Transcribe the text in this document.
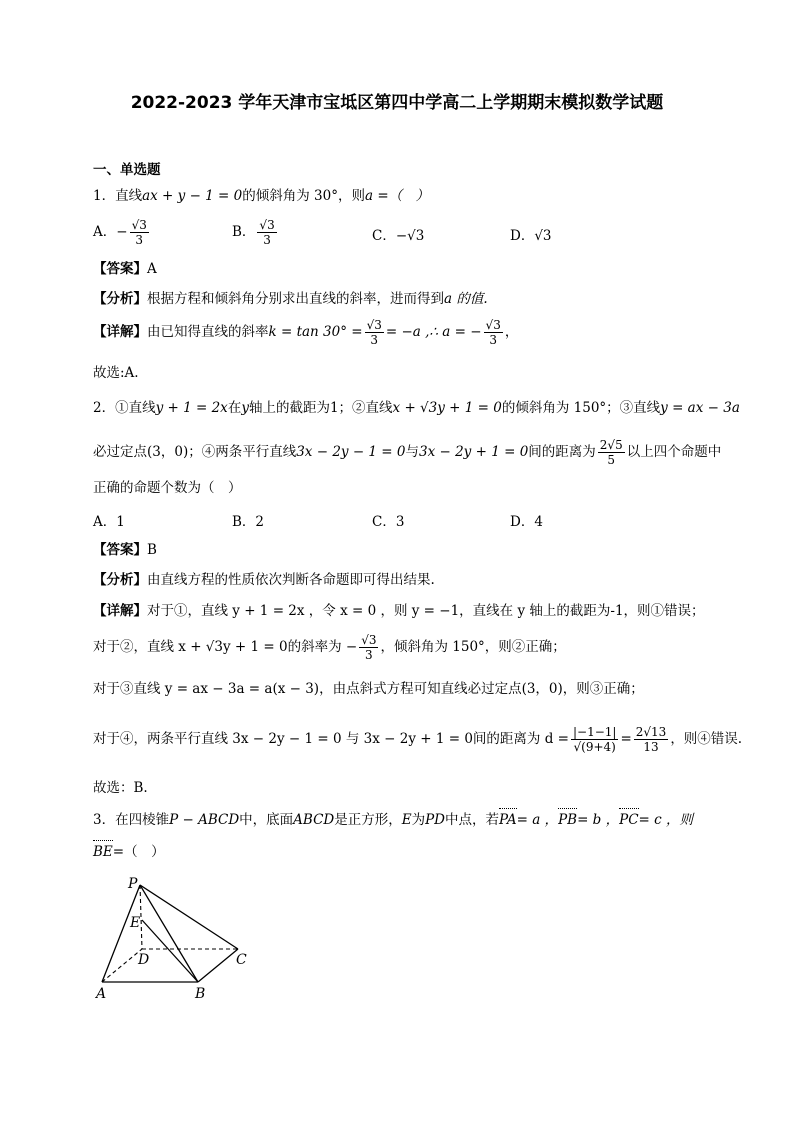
2022-2023 学年天津市宝坻区第四中学高二上学期期末模拟数学试题
一、单选题
1．直线ax + y − 1 = 0的倾斜角为 30°，则a =（　）
A．− $\frac{√3}{3}$	B． $\frac{√3}{3}$	C．−√3	D．√3
【答案】A
【分析】根据方程和倾斜角分别求出直线的斜率，进而得到a 的值.
【详解】由已知得直线的斜率$k = \tan 30^\circ = \frac{√3}{3} = -a$ ,∴ a = − $\frac{√3}{3}$ ，
故选:A.
2．①直线y + 1 = 2x在y轴上的截距为1；②直线x + √3y + 1 = 0的倾斜角为 150°；③直线y = ax − 3a
必过定点(3，0)；④两条平行直线3x − 2y − 1 = 0与3x − 2y + 1 = 0间的距离为 $\frac{2√5}{5}$ 以上四个命题中
正确的命题个数为（　）
A．1	B．2	C．3	D．4
【答案】B
【分析】由直线方程的性质依次判断各命题即可得出结果.
【详解】对于①，直线 y + 1 = 2x ，令 x = 0 ，则 y = −1，直线在 y 轴上的截距为-1，则①错误；
对于②，直线 x + √3y + 1 = 0的斜率为 − $\frac{√3}{3}$ ，倾斜角为 150°，则②正确；
对于③直线 y = ax − 3a = a(x − 3)，由点斜式方程可知直线必过定点(3，0)，则③正确；
对于④，两条平行直线 3x − 2y − 1 = 0 与 3x − 2y + 1 = 0间的距离为 $d = \frac{|-1-1|}{√(9+4)} = \frac{2√13}{13}$ ，则④错误.
故选：B.
3．在四棱锥P − ABCD中，底面ABCD是正方形，E为PD中点，若PA= a ，PB= b ，PC= c ，则
BE=（　）
P
E
D	C
A	B
